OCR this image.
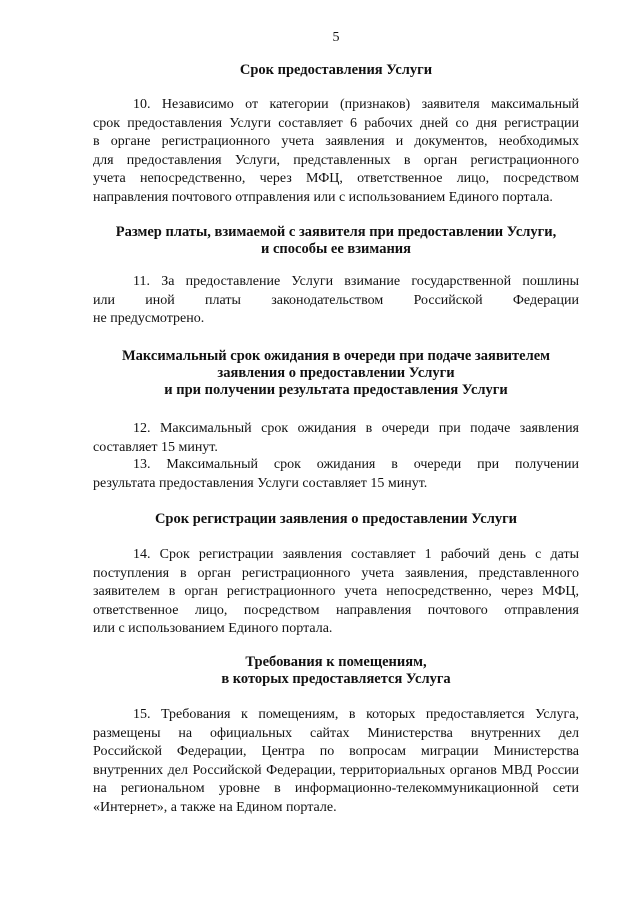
5
Срок предоставления Услуги
10. Независимо от категории (признаков) заявителя максимальный
срок предоставления Услуги составляет 6 рабочих дней со дня регистрации
в органе регистрационного учета заявления и документов, необходимых
для предоставления Услуги, представленных в орган регистрационного
учета непосредственно, через МФЦ, ответственное лицо, посредством
направления почтового отправления или с использованием Единого портала.
Размер платы, взимаемой с заявителя при предоставлении Услуги,
и способы ее взимания
11. За предоставление Услуги взимание государственной пошлины
или иной платы законодательством Российской Федерации
не предусмотрено.
Максимальный срок ожидания в очереди при подаче заявителем
заявления о предоставлении Услуги
и при получении результата предоставления Услуги
12. Максимальный срок ожидания в очереди при подаче заявления
составляет 15 минут.
13. Максимальный срок ожидания в очереди при получении
результата предоставления Услуги составляет 15 минут.
Срок регистрации заявления о предоставлении Услуги
14. Срок регистрации заявления составляет 1 рабочий день с даты
поступления в орган регистрационного учета заявления, представленного
заявителем в орган регистрационного учета непосредственно, через МФЦ,
ответственное лицо, посредством направления почтового отправления
или с использованием Единого портала.
Требования к помещениям,
в которых предоставляется Услуга
15. Требования к помещениям, в которых предоставляется Услуга,
размещены на официальных сайтах Министерства внутренних дел
Российской Федерации, Центра по вопросам миграции Министерства
внутренних дел Российской Федерации, территориальных органов МВД России
на региональном уровне в информационно-телекоммуникационной сети
«Интернет», а также на Едином портале.
